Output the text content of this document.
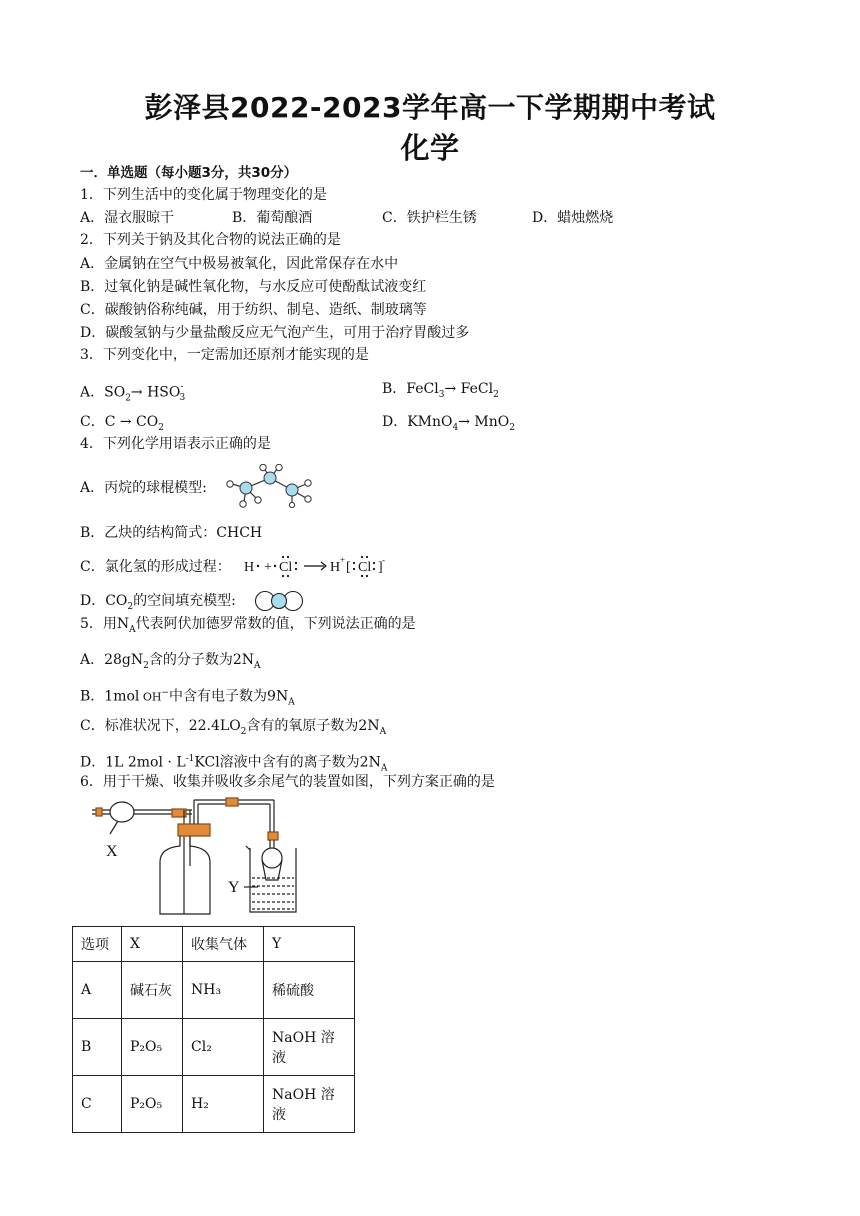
彭泽县2022-2023学年高一下学期期中考试
化学
一．单选题（每小题3分，共30分）
1．下列生活中的变化属于物理变化的是
A．湿衣服晾干	B．葡萄酿酒	C．铁护栏生锈	D．蜡烛燃烧
2．下列关于钠及其化合物的说法正确的是
A．金属钠在空气中极易被氧化，因此常保存在水中
B．过氧化钠是碱性氧化物，与水反应可使酚酞试液变红
C．碳酸钠俗称纯碱，用于纺织、制皂、造纸、制玻璃等
D．碳酸氢钠与少量盐酸反应无气泡产生，可用于治疗胃酸过多
3．下列变化中，一定需加还原剂才能实现的是
A．$SO_2\to HSO^-_3$
B．FeCl$_3$→ FeCl$_2$
C．$C \to CO_2$	D．KMnO$_4$→ MnO$_2$
4．下列化学用语表示正确的是
A．丙烷的球棍模型:
B．乙炔的结构简式：CHCH
C．氯化氢的形成过程： H + Cl	H + [ Cl ] -
D．$CO_2$的空间填充模型:
5．用$N_A$代表阿伏加德罗常数的值，下列说法正确的是
A．$28gN_2$含的分子数为$2N_A$
B．1mol OH−中含有电子数为$9N_A$
C．标准状况下，$22.4LO_2$含有的氧原子数为$2N_A$
D．1L $2mol \cdot L^{-1}KCl$溶液中含有的离子数为$2N_A$
6．用于干燥、收集并吸收多余尾气的装置如图，下列方案正确的是
X
Y
选项	X	收集气体	Y
A	碱石灰	NH₃	稀硫酸
B	P₂O₅	Cl₂	NaOH 溶液
C	P₂O₅	H₂	NaOH 溶液
